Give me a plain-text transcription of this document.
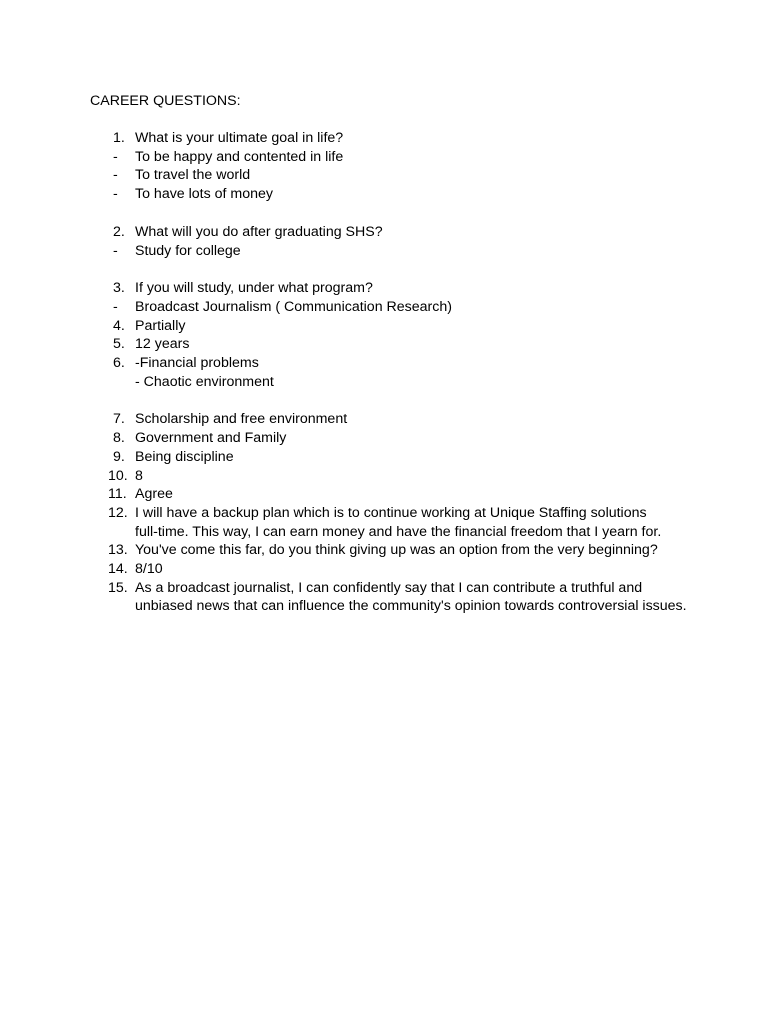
CAREER QUESTIONS:
1. What is your ultimate goal in life?
-	To be happy and contented in life
-	To travel the world
-	To have lots of money
2. What will you do after graduating SHS?
-	Study for college
3. If you will study, under what program?
-	Broadcast Journalism ( Communication Research)
4. Partially
5. 12 years
6. -Financial problems
- Chaotic environment
7. Scholarship and free environment
8. Government and Family
9. Being discipline
10. 8
11. Agree
12. I will have a backup plan which is to continue working at Unique Staffing solutions
full-time. This way, I can earn money and have the financial freedom that I yearn for.
13. You've come this far, do you think giving up was an option from the very beginning?
14. 8/10
15. As a broadcast journalist, I can confidently say that I can contribute a truthful and
unbiased news that can influence the community's opinion towards controversial issues.
